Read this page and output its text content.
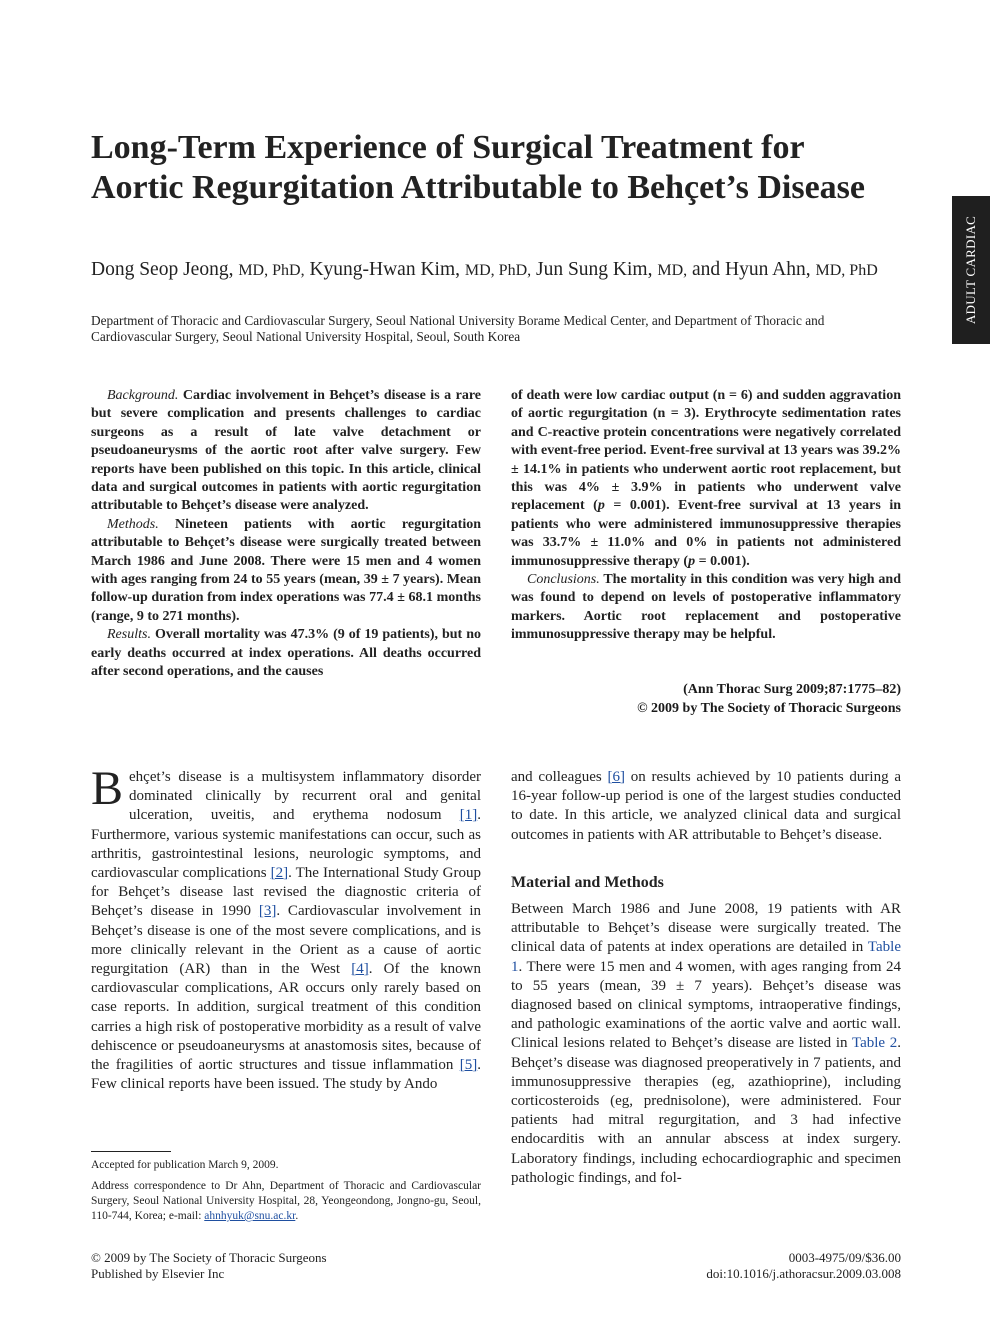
Long-Term Experience of Surgical Treatment for Aortic Regurgitation Attributable to Behçet’s Disease
Dong Seop Jeong, MD, PhD, Kyung-Hwan Kim, MD, PhD, Jun Sung Kim, MD, and Hyun Ahn, MD, PhD
Department of Thoracic and Cardiovascular Surgery, Seoul National University Borame Medical Center, and Department of Thoracic and Cardiovascular Surgery, Seoul National University Hospital, Seoul, South Korea
ADULT CARDIAC

Background. Cardiac involvement in Behçet’s disease is a rare but severe complication and presents challenges to cardiac surgeons as a result of late valve detachment or pseudoaneurysms of the aortic root after valve surgery. Few reports have been published on this topic. In this article, clinical data and surgical outcomes in patients with aortic regurgitation attributable to Behçet’s disease were analyzed.

Methods. Nineteen patients with aortic regurgitation attributable to Behçet’s disease were surgically treated between March 1986 and June 2008. There were 15 men and 4 women with ages ranging from 24 to 55 years (mean, 39 ± 7 years). Mean follow-up duration from index operations was 77.4 ± 68.1 months (range, 9 to 271 months).

Results. Overall mortality was 47.3% (9 of 19 patients), but no early deaths occurred at index operations. All deaths occurred after second operations, and the causes

of death were low cardiac output (n = 6) and sudden aggravation of aortic regurgitation (n = 3). Erythrocyte sedimentation rates and C-reactive protein concentrations were negatively correlated with event-free period. Event-free survival at 13 years was 39.2% ± 14.1% in patients who underwent aortic root replacement, but this was 4% ± 3.9% in patients who underwent valve replacement (p = 0.001). Event-free survival at 13 years in patients who were administered immunosuppressive therapies was 33.7% ± 11.0% and 0% in patients not administered immunosuppressive therapy (p = 0.001).

Conclusions. The mortality in this condition was very high and was found to depend on levels of postoperative inflammatory markers. Aortic root replacement and postoperative immunosuppressive therapy may be helpful.

(Ann Thorac Surg 2009;87:1775–82)
© 2009 by The Society of Thoracic Surgeons

Behçet’s disease is a multisystem inflammatory disorder dominated clinically by recurrent oral and genital ulceration, uveitis, and erythema nodosum [1]. Furthermore, various systemic manifestations can occur, such as arthritis, gastrointestinal lesions, neurologic symptoms, and cardiovascular complications [2]. The International Study Group for Behçet’s disease last revised the diagnostic criteria of Behçet’s disease in 1990 [3]. Cardiovascular involvement in Behçet’s disease is one of the most severe complications, and is more clinically relevant in the Orient as a cause of aortic regurgitation (AR) than in the West [4]. Of the known cardiovascular complications, AR occurs only rarely based on case reports. In addition, surgical treatment of this condition carries a high risk of postoperative morbidity as a result of valve dehiscence or pseudoaneurysms at anastomosis sites, because of the fragilities of aortic structures and tissue inflammation [5]. Few clinical reports have been issued. The study by Ando

and colleagues [6] on results achieved by 10 patients during a 16-year follow-up period is one of the largest studies conducted to date. In this article, we analyzed clinical data and surgical outcomes in patients with AR attributable to Behçet’s disease.

Material and Methods

Between March 1986 and June 2008, 19 patients with AR attributable to Behçet’s disease were surgically treated. The clinical data of patents at index operations are detailed in Table 1. There were 15 men and 4 women, with ages ranging from 24 to 55 years (mean, 39 ± 7 years). Behçet’s disease was diagnosed based on clinical symptoms, intraoperative findings, and pathologic examinations of the aortic valve and aortic wall. Clinical lesions related to Behçet’s disease are listed in Table 2. Behçet’s disease was diagnosed preoperatively in 7 patients, and immunosuppressive therapies (eg, azathioprine), including corticosteroids (eg, prednisolone), were administered. Four patients had mitral regurgitation, and 3 had infective endocarditis with an annular abscess at index surgery. Laboratory findings, including echocardiographic and specimen pathologic findings, and fol-

Accepted for publication March 9, 2009.
Address correspondence to Dr Ahn, Department of Thoracic and Cardiovascular Surgery, Seoul National University Hospital, 28, Yeongeondong, Jongno-gu, Seoul, 110-744, Korea; e-mail: ahnhyuk@snu.ac.kr.
© 2009 by The Society of Thoracic Surgeons
Published by Elsevier Inc
0003-4975/09/$36.00
doi:10.1016/j.athoracsur.2009.03.008
